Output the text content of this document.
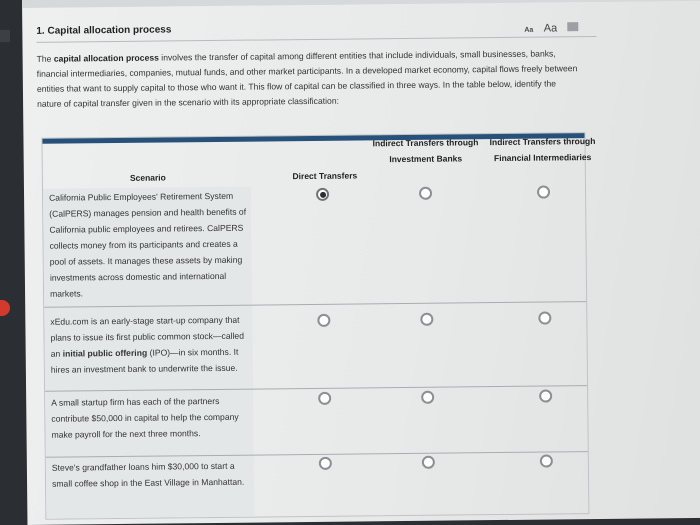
1. Capital allocation process	Aa Aa
The capital allocation process involves the transfer of capital among different entities that include individuals, small businesses, banks, financial intermediaries, companies, mutual funds, and other market participants. In a developed market economy, capital flows freely between entities that want to supply capital to those who want it. This flow of capital can be classified in three ways. In the table below, identify the nature of capital transfer given in the scenario with its appropriate classification:
Scenario	Direct Transfers
Indirect Transfers through Investment Banks
Indirect Transfers through Financial Intermediaries
California Public Employees' Retirement System (CalPERS) manages pension and health benefits of California public employees and retirees. CalPERS collects money from its participants and creates a pool of assets. It manages these assets by making investments across domestic and international markets.
xEdu.com is an early-stage start-up company that plans to issue its first public common stock—called an initial public offering (IPO)—in six months. It hires an investment bank to underwrite the issue.
A small startup firm has each of the partners contribute $50,000 in capital to help the company make payroll for the next three months.
Steve's grandfather loans him $30,000 to start a small coffee shop in the East Village in Manhattan.
